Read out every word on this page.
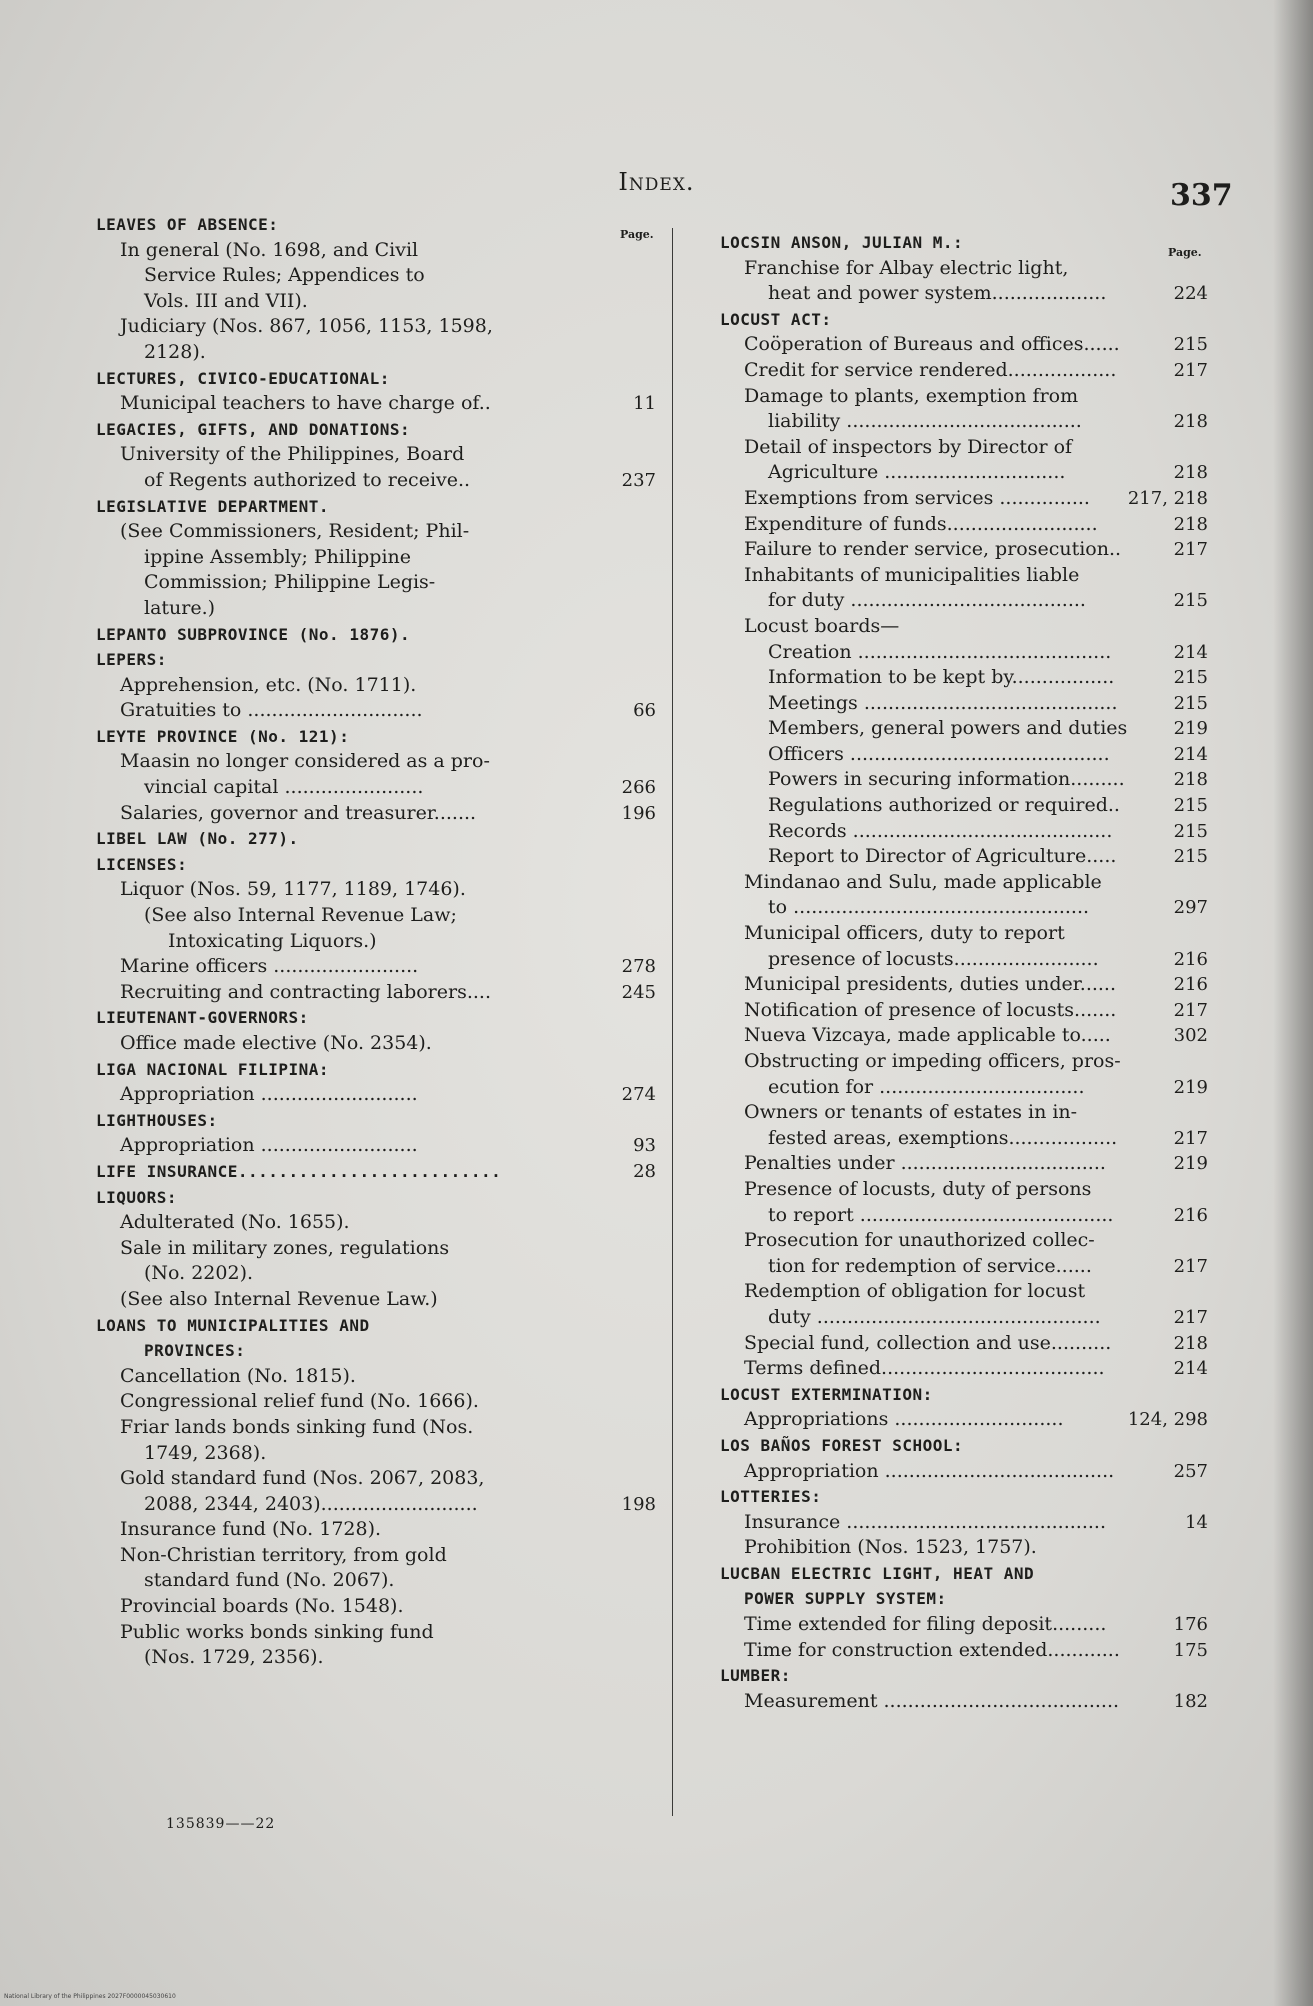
Index.	337
Page.
Page.
LEAVES OF ABSENCE:
In general (No. 1698, and Civil
Service Rules; Appendices to
Vols. III and VII).
Judiciary (Nos. 867, 1056, 1153, 1598,
2128).
LECTURES, CIVICO-EDUCATIONAL:
Municipal teachers to have charge of..	11
LEGACIES, GIFTS, AND DONATIONS:
University of the Philippines, Board
of Regents authorized to receive..	237
LEGISLATIVE DEPARTMENT.
(See Commissioners, Resident; Phil-
ippine Assembly; Philippine
Commission; Philippine Legis-
lature.)
LEPANTO SUBPROVINCE (No. 1876).
LEPERS:
Apprehension, etc. (No. 1711).
Gratuities to .............................	66
LEYTE PROVINCE (No. 121):
Maasin no longer considered as a pro-
vincial capital .......................	266
Salaries, governor and treasurer.......	196
LIBEL LAW (No. 277).
LICENSES:
Liquor (Nos. 59, 1177, 1189, 1746).
(See also Internal Revenue Law;
Intoxicating Liquors.)
Marine officers ........................	278
Recruiting and contracting laborers....	245
LIEUTENANT-GOVERNORS:
Office made elective (No. 2354).
LIGA NACIONAL FILIPINA:
Appropriation ..........................	274
LIGHTHOUSES:
Appropriation ..........................	93
LIFE INSURANCE..........................	28
LIQUORS:
Adulterated (No. 1655).
Sale in military zones, regulations
(No. 2202).
(See also Internal Revenue Law.)
LOANS TO MUNICIPALITIES AND
PROVINCES:
Cancellation (No. 1815).
Congressional relief fund (No. 1666).
Friar lands bonds sinking fund (Nos.
1749, 2368).
Gold standard fund (Nos. 2067, 2083,
2088, 2344, 2403)..........................	198
Insurance fund (No. 1728).
Non-Christian territory, from gold
standard fund (No. 2067).
Provincial boards (No. 1548).
Public works bonds sinking fund
(Nos. 1729, 2356).
LOCSIN ANSON, JULIAN M.:
Franchise for Albay electric light,
heat and power system...................	224
LOCUST ACT:
Coöperation of Bureaus and offices......	215
Credit for service rendered..................	217
Damage to plants, exemption from
liability .......................................	218
Detail of inspectors by Director of
Agriculture ..............................	218
Exemptions from services ............... 217, 218
Expenditure of funds.........................	218
Failure to render service, prosecution..	217
Inhabitants of municipalities liable
for duty .......................................	215
Locust boards—
Creation ..........................................	214
Information to be kept by.................	215
Meetings ..........................................	215
Members, general powers and duties	219
Officers ...........................................	214
Powers in securing information.........	218
Regulations authorized or required..	215
Records ...........................................	215
Report to Director of Agriculture.....	215
Mindanao and Sulu, made applicable
to .................................................	297
Municipal officers, duty to report
presence of locusts........................	216
Municipal presidents, duties under......	216
Notification of presence of locusts.......	217
Nueva Vizcaya, made applicable to.....	302
Obstructing or impeding officers, pros-
ecution for ..................................	219
Owners or tenants of estates in in-
fested areas, exemptions..................	217
Penalties under ..................................	219
Presence of locusts, duty of persons
to report ..........................................	216
Prosecution for unauthorized collec-
tion for redemption of service......	217
Redemption of obligation for locust
duty ...............................................	217
Special fund, collection and use..........	218
Terms defined.....................................	214
LOCUST EXTERMINATION:
Appropriations ............................	124, 298
LOS BAÑOS FOREST SCHOOL:
Appropriation ......................................	257
LOTTERIES:
Insurance ...........................................	14
Prohibition (Nos. 1523, 1757).
LUCBAN ELECTRIC LIGHT, HEAT AND
POWER SUPPLY SYSTEM:
Time extended for filing deposit.........	176
Time for construction extended............	175
LUMBER:
Measurement .......................................	182
135839——22
National Library of the Philippines 2027F0000045030610
